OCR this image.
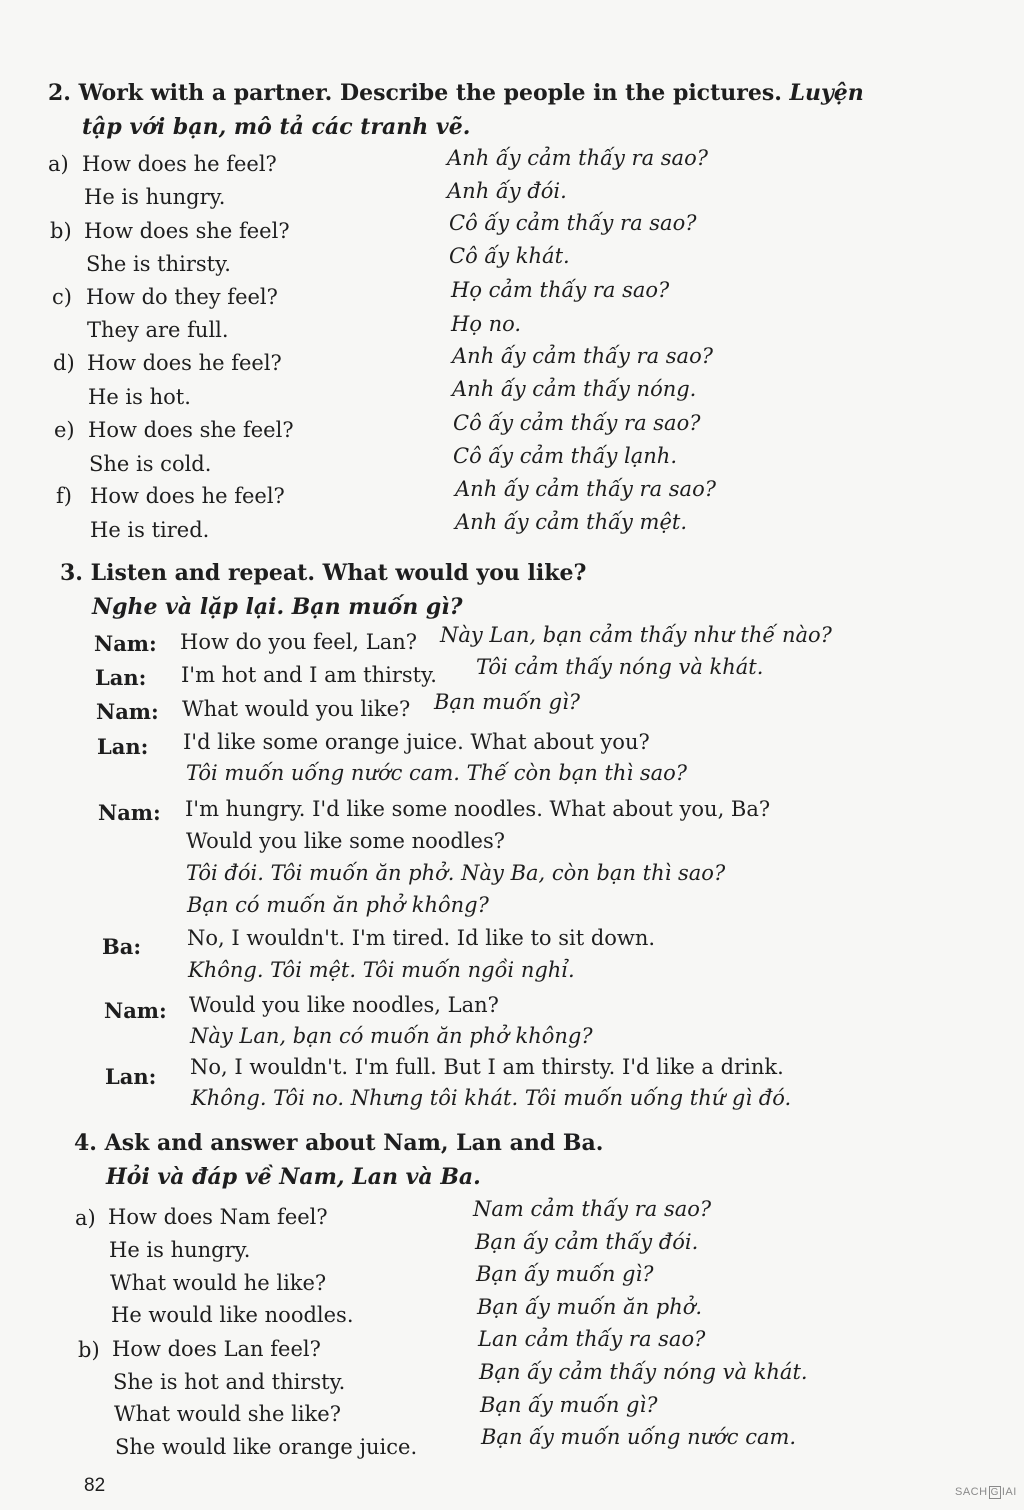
2. Work with a partner. Describe the people in the pictures. Luyện
tập với bạn, mô tả các tranh vẽ.
a) How does he feel?
He is hungry.
Anh ấy cảm thấy ra sao?
Anh ấy đói.
b) How does she feel?
She is thirsty.
Cô ấy cảm thấy ra sao?
Cô ấy khát.
c) How do they feel?
They are full.
Họ cảm thấy ra sao?
Họ no.
d) How does he feel?
He is hot.
Anh ấy cảm thấy ra sao?
Anh ấy cảm thấy nóng.
e) How does she feel?
She is cold.
Cô ấy cảm thấy ra sao?
Cô ấy cảm thấy lạnh.
f) How does he feel?
He is tired.
Anh ấy cảm thấy ra sao?
Anh ấy cảm thấy mệt.
3. Listen and repeat. What would you like?
Nghe và lặp lại. Bạn muốn gì?
Nam: How do you feel, Lan? Này Lan, bạn cảm thấy như thế nào?
Lan: I'm hot and I am thirsty. Tôi cảm thấy nóng và khát.
Nam: What would you like? Bạn muốn gì?
Lan: I'd like some orange juice. What about you?
Tôi muốn uống nước cam. Thế còn bạn thì sao?
Nam: I'm hungry. I'd like some noodles. What about you, Ba?
Would you like some noodles?
Tôi đói. Tôi muốn ăn phở. Này Ba, còn bạn thì sao?
Bạn có muốn ăn phở không?
Ba: No, I wouldn't. I'm tired. Id like to sit down.
Không. Tôi mệt. Tôi muốn ngồi nghỉ.
Nam: Would you like noodles, Lan?
Này Lan, bạn có muốn ăn phở không?
Lan: No, I wouldn't. I'm full. But I am thirsty. I'd like a drink.
Không. Tôi no. Nhưng tôi khát. Tôi muốn uống thứ gì đó.
4. Ask and answer about Nam, Lan and Ba.
Hỏi và đáp về Nam, Lan và Ba.
a) How does Nam feel?
He is hungry.
What would he like?
He would like noodles.
Nam cảm thấy ra sao?
Bạn ấy cảm thấy đói.
Bạn ấy muốn gì?
Bạn ấy muốn ăn phở.
b) How does Lan feel?
She is hot and thirsty.
What would she like?
She would like orange juice.
Lan cảm thấy ra sao?
Bạn ấy cảm thấy nóng và khát.
Bạn ấy muốn gì?
Bạn ấy muốn uống nước cam.
82	SACH G IAI
